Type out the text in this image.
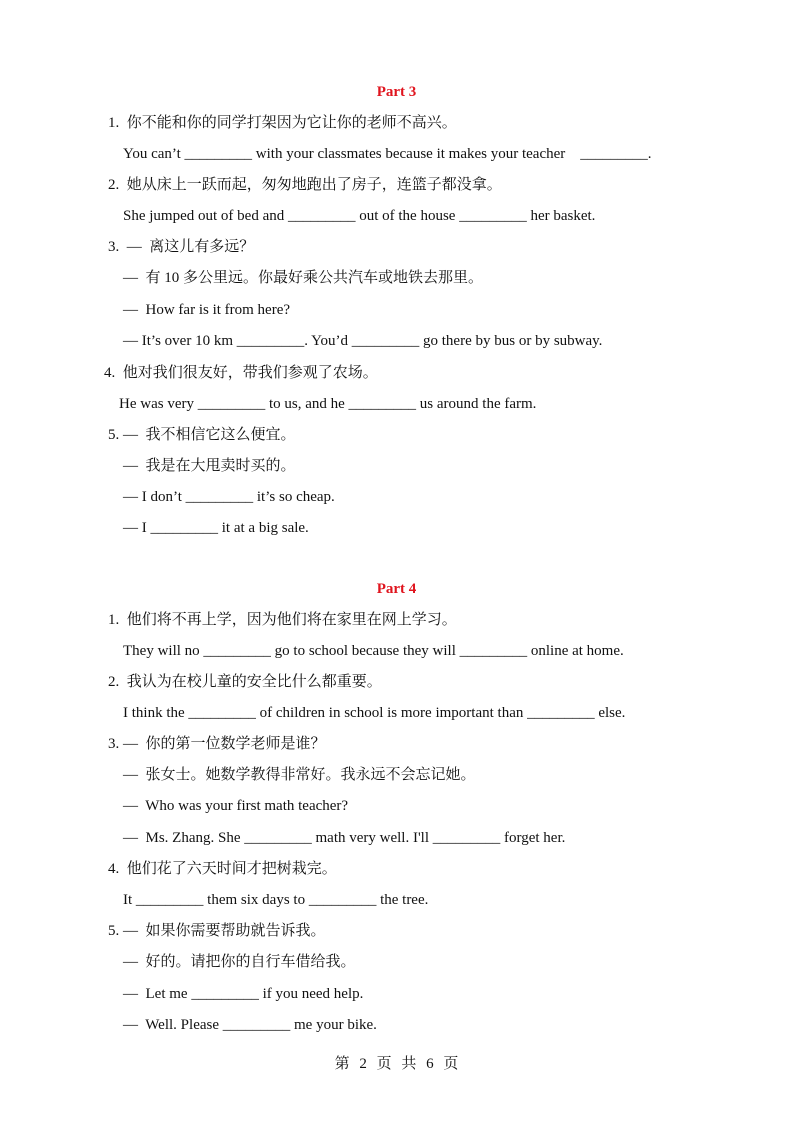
Part 3
1.  你不能和你的同学打架因为它让你的老师不高兴。
You can’t _________ with your classmates because it makes your teacher    _________.
2.  她从床上一跃而起，匆匆地跑出了房子，连篮子都没拿。
She jumped out of bed and _________ out of the house _________ her basket.
3.  —  离这儿有多远？
—  有 10 多公里远。你最好乘公共汽车或地铁去那里。
—  How far is it from here?
— It’s over 10 km _________. You’d _________ go there by bus or by subway.
4.  他对我们很友好，带我们参观了农场。
He was very _________ to us, and he _________ us around the farm.
5. —  我不相信它这么便宜。
—  我是在大甩卖时买的。
— I don’t _________ it’s so cheap.
— I _________ it at a big sale.
Part 4
1.  他们将不再上学，因为他们将在家里在网上学习。
They will no _________ go to school because they will _________ online at home.
2.  我认为在校儿童的安全比什么都重要。
I think the _________ of children in school is more important than _________ else.
3. —  你的第一位数学老师是谁？
—  张女士。她数学教得非常好。我永远不会忘记她。
—  Who was your first math teacher?
—  Ms. Zhang. She _________ math very well. I'll _________ forget her.
4.  他们花了六天时间才把树栽完。
It _________ them six days to _________ the tree.
5. —  如果你需要帮助就告诉我。
—  好的。请把你的自行车借给我。
—  Let me _________ if you need help.
—  Well. Please _________ me your bike.
第 2 页 共 6 页
